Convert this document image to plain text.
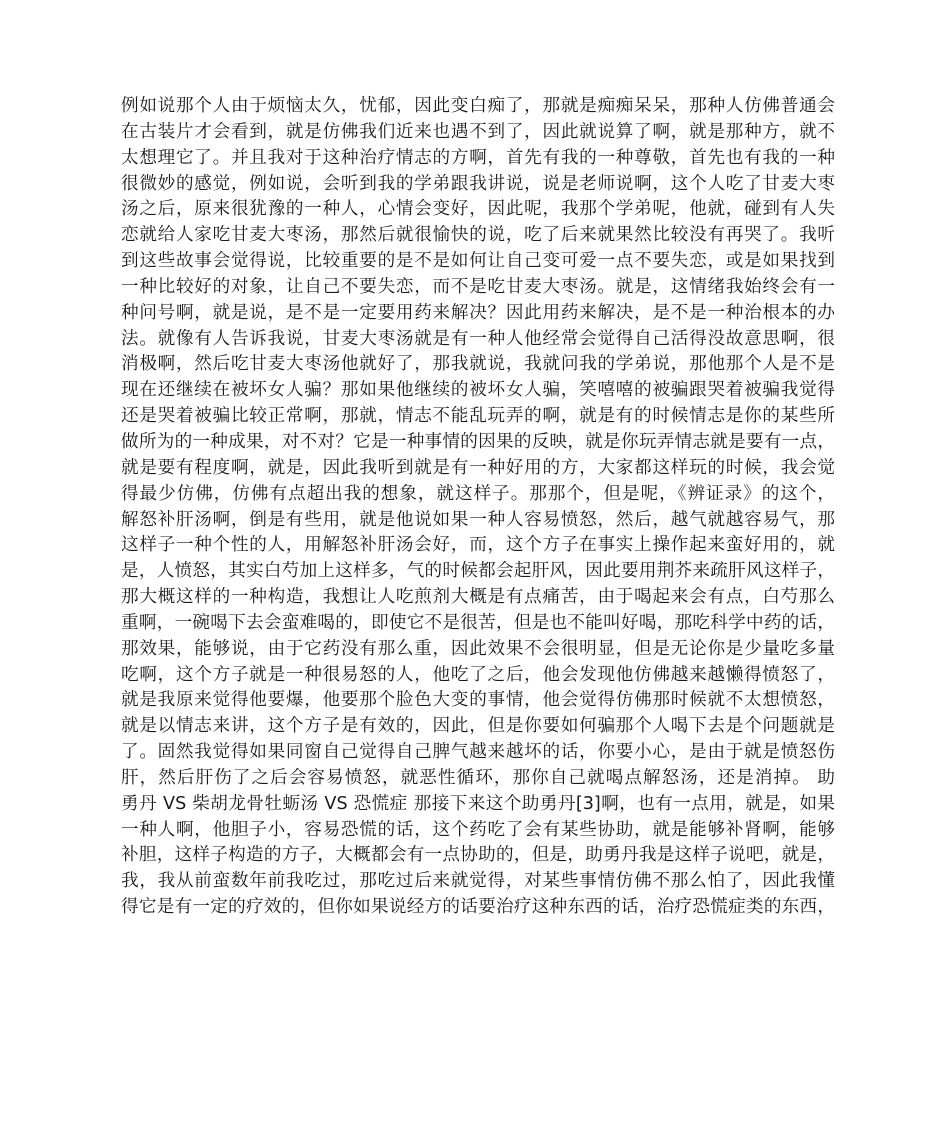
例如说那个人由于烦恼太久，忧郁，因此变白痴了，那就是痴痴呆呆，那种人仿佛普通会
在古装片才会看到，就是仿佛我们近来也遇不到了，因此就说算了啊，就是那种方，就不
太想理它了。并且我对于这种治疗情志的方啊，首先有我的一种尊敬，首先也有我的一种
很微妙的感觉，例如说，会听到我的学弟跟我讲说，说是老师说啊，这个人吃了甘麦大枣
汤之后，原来很犹豫的一种人，心情会变好，因此呢，我那个学弟呢，他就，碰到有人失
恋就给人家吃甘麦大枣汤，那然后就很愉快的说，吃了后来就果然比较没有再哭了。我听
到这些故事会觉得说，比较重要的是不是如何让自己变可爱一点不要失恋，或是如果找到
一种比较好的对象，让自己不要失恋，而不是吃甘麦大枣汤。就是，这情绪我始终会有一
种问号啊，就是说，是不是一定要用药来解决？因此用药来解决，是不是一种治根本的办
法。就像有人告诉我说，甘麦大枣汤就是有一种人他经常会觉得自己活得没故意思啊，很
消极啊，然后吃甘麦大枣汤他就好了，那我就说，我就问我的学弟说，那他那个人是不是
现在还继续在被坏女人骗？那如果他继续的被坏女人骗，笑嘻嘻的被骗跟哭着被骗我觉得
还是哭着被骗比较正常啊，那就，情志不能乱玩弄的啊，就是有的时候情志是你的某些所
做所为的一种成果，对不对？它是一种事情的因果的反映，就是你玩弄情志就是要有一点，
就是要有程度啊，就是，因此我听到就是有一种好用的方，大家都这样玩的时候，我会觉
得最少仿佛，仿佛有点超出我的想象，就这样子。那那个，但是呢，《辨证录》的这个，
解怒补肝汤啊，倒是有些用，就是他说如果一种人容易愤怒，然后，越气就越容易气，那
这样子一种个性的人，用解怒补肝汤会好，而，这个方子在事实上操作起来蛮好用的，就
是，人愤怒，其实白芍加上这样多，气的时候都会起肝风，因此要用荆芥来疏肝风这样子，
那大概这样的一种构造，我想让人吃煎剂大概是有点痛苦，由于喝起来会有点，白芍那么
重啊，一碗喝下去会蛮难喝的，即使它不是很苦，但是也不能叫好喝，那吃科学中药的话，
那效果，能够说，由于它药没有那么重，因此效果不会很明显，但是无论你是少量吃多量
吃啊，这个方子就是一种很易怒的人，他吃了之后，他会发现他仿佛越来越懒得愤怒了，
就是我原来觉得他要爆，他要那个脸色大变的事情，他会觉得仿佛那时候就不太想愤怒，
就是以情志来讲，这个方子是有效的，因此，但是你要如何骗那个人喝下去是个问题就是
了。固然我觉得如果同窗自己觉得自己脾气越来越坏的话，你要小心，是由于就是愤怒伤
肝，然后肝伤了之后会容易愤怒，就恶性循环，那你自己就喝点解怒汤，还是消掉。 助
勇丹 VS 柴胡龙骨牡蛎汤 VS 恐慌症 那接下来这个助勇丹[3]啊，也有一点用，就是，如果
一种人啊，他胆子小，容易恐慌的话，这个药吃了会有某些协助，就是能够补肾啊，能够
补胆，这样子构造的方子，大概都会有一点协助的，但是，助勇丹我是这样子说吧，就是，
我，我从前蛮数年前我吃过，那吃过后来就觉得，对某些事情仿佛不那么怕了，因此我懂
得它是有一定的疗效的，但你如果说经方的话要治疗这种东西的话，治疗恐慌症类的东西，
